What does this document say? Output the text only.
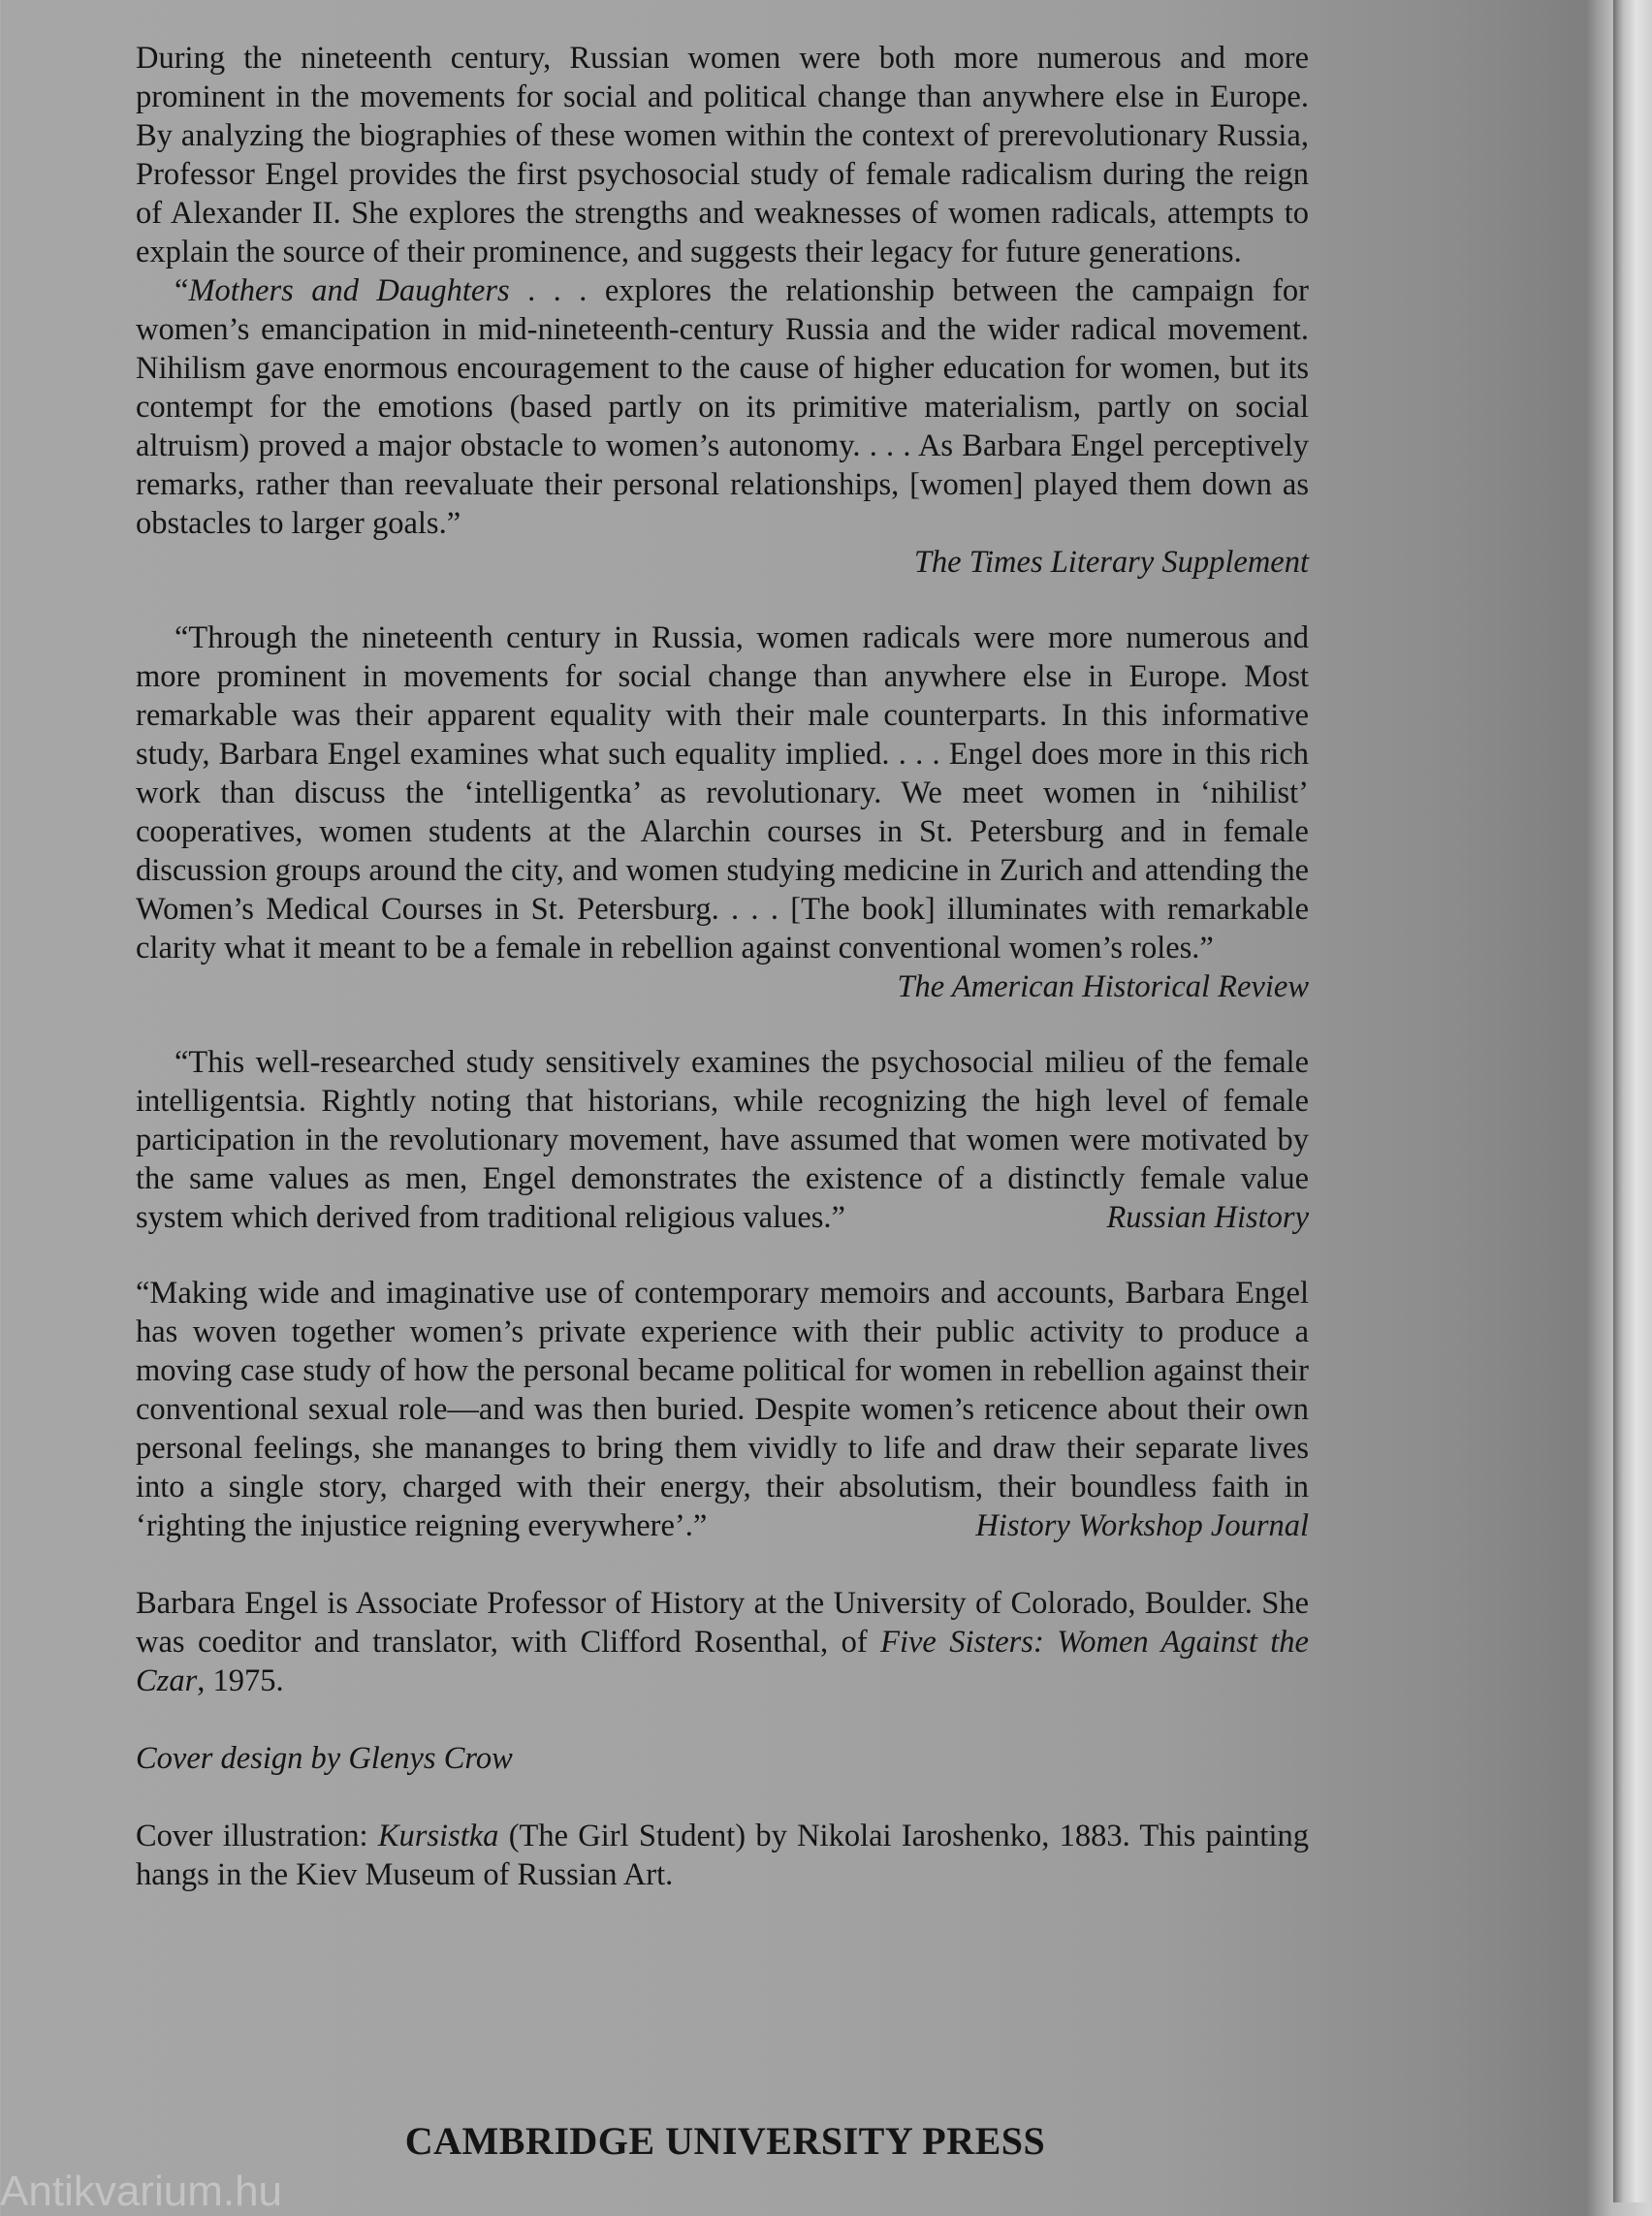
During the nineteenth century, Russian women were both more numerous and more prominent in the movements for social and political change than anywhere else in Europe. By analyzing the biographies of these women within the context of prerevolutionary Russia, Professor Engel provides the first psychosocial study of female radicalism during the reign of Alexander II. She explores the strengths and weaknesses of women radicals, attempts to explain the source of their prominence, and suggests their legacy for future generations.

“Mothers and Daughters . . . explores the relationship between the campaign for women’s emancipation in mid-nineteenth-century Russia and the wider radical movement. Nihilism gave enormous encouragement to the cause of higher education for women, but its contempt for the emotions (based partly on its primitive materialism, partly on social altruism) proved a major obstacle to women’s autonomy. . . . As Barbara Engel perceptively remarks, rather than reevaluate their personal relationships, [women] played them down as obstacles to larger goals.”

The Times Literary Supplement

“Through the nineteenth century in Russia, women radicals were more numerous and more prominent in movements for social change than anywhere else in Europe. Most remarkable was their apparent equality with their male counterparts. In this informative study, Barbara Engel examines what such equality implied. . . . Engel does more in this rich work than discuss the ‘intelligentka’ as revolutionary. We meet women in ‘nihilist’ cooperatives, women students at the Alarchin courses in St. Petersburg and in female discussion groups around the city, and women studying medicine in Zurich and attending the Women’s Medical Courses in St. Petersburg. . . . [The book] illuminates with remarkable clarity what it meant to be a female in rebellion against conventional women’s roles.”

The American Historical Review

“This well-researched study sensitively examines the psychosocial milieu of the female intelligentsia. Rightly noting that historians, while recognizing the high level of female participation in the revolutionary movement, have assumed that women were motivated by the same values as men, Engel demonstrates the existence of a distinctly female value system which derived from traditional religious values.”	Russian History

“Making wide and imaginative use of contemporary memoirs and accounts, Barbara Engel has woven together women’s private experience with their public activity to produce a moving case study of how the personal became political for women in rebellion against their conventional sexual role—and was then buried. Despite women’s reticence about their own personal feelings, she mananges to bring them vividly to life and draw their separate lives into a single story, charged with their energy, their absolutism, their boundless faith in ‘righting the injustice reigning everywhere’.”	History Workshop Journal

Barbara Engel is Associate Professor of History at the University of Colorado, Boulder. She was coeditor and translator, with Clifford Rosenthal, of Five Sisters: Women Against the Czar, 1975.

Cover design by Glenys Crow

Cover illustration: Kursistka (The Girl Student) by Nikolai Iaroshenko, 1883. This painting hangs in the Kiev Museum of Russian Art.

CAMBRIDGE UNIVERSITY PRESS
Antikvarium.hu
